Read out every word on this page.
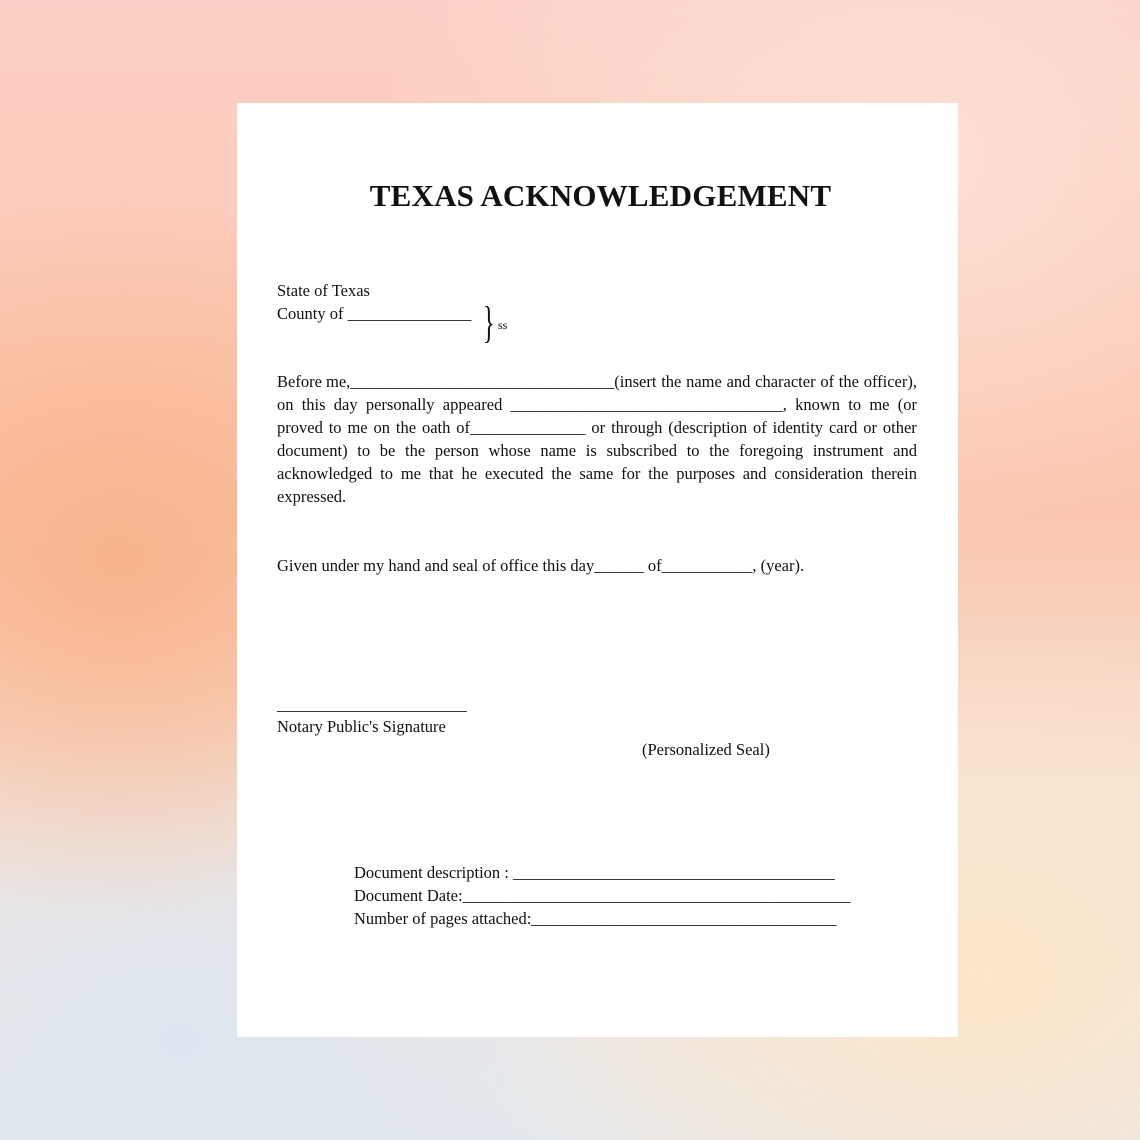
TEXAS ACKNOWLEDGEMENT
State of Texas
County of _______________ } ss
Before me,________________________________(insert the name and character of the officer),
on this day personally appeared _________________________________, known to me (or
proved to me on the oath of______________ or through (description of identity card or other
document) to be the person whose name is subscribed to the foregoing instrument and
acknowledged to me that he executed the same for the purposes and consideration therein
expressed.
Given under my hand and seal of office this day______ of___________, (year).
_______________________
Notary Public's Signature
(Personalized Seal)
Document description : _______________________________________
Document Date:_______________________________________________
Number of pages attached:_____________________________________
